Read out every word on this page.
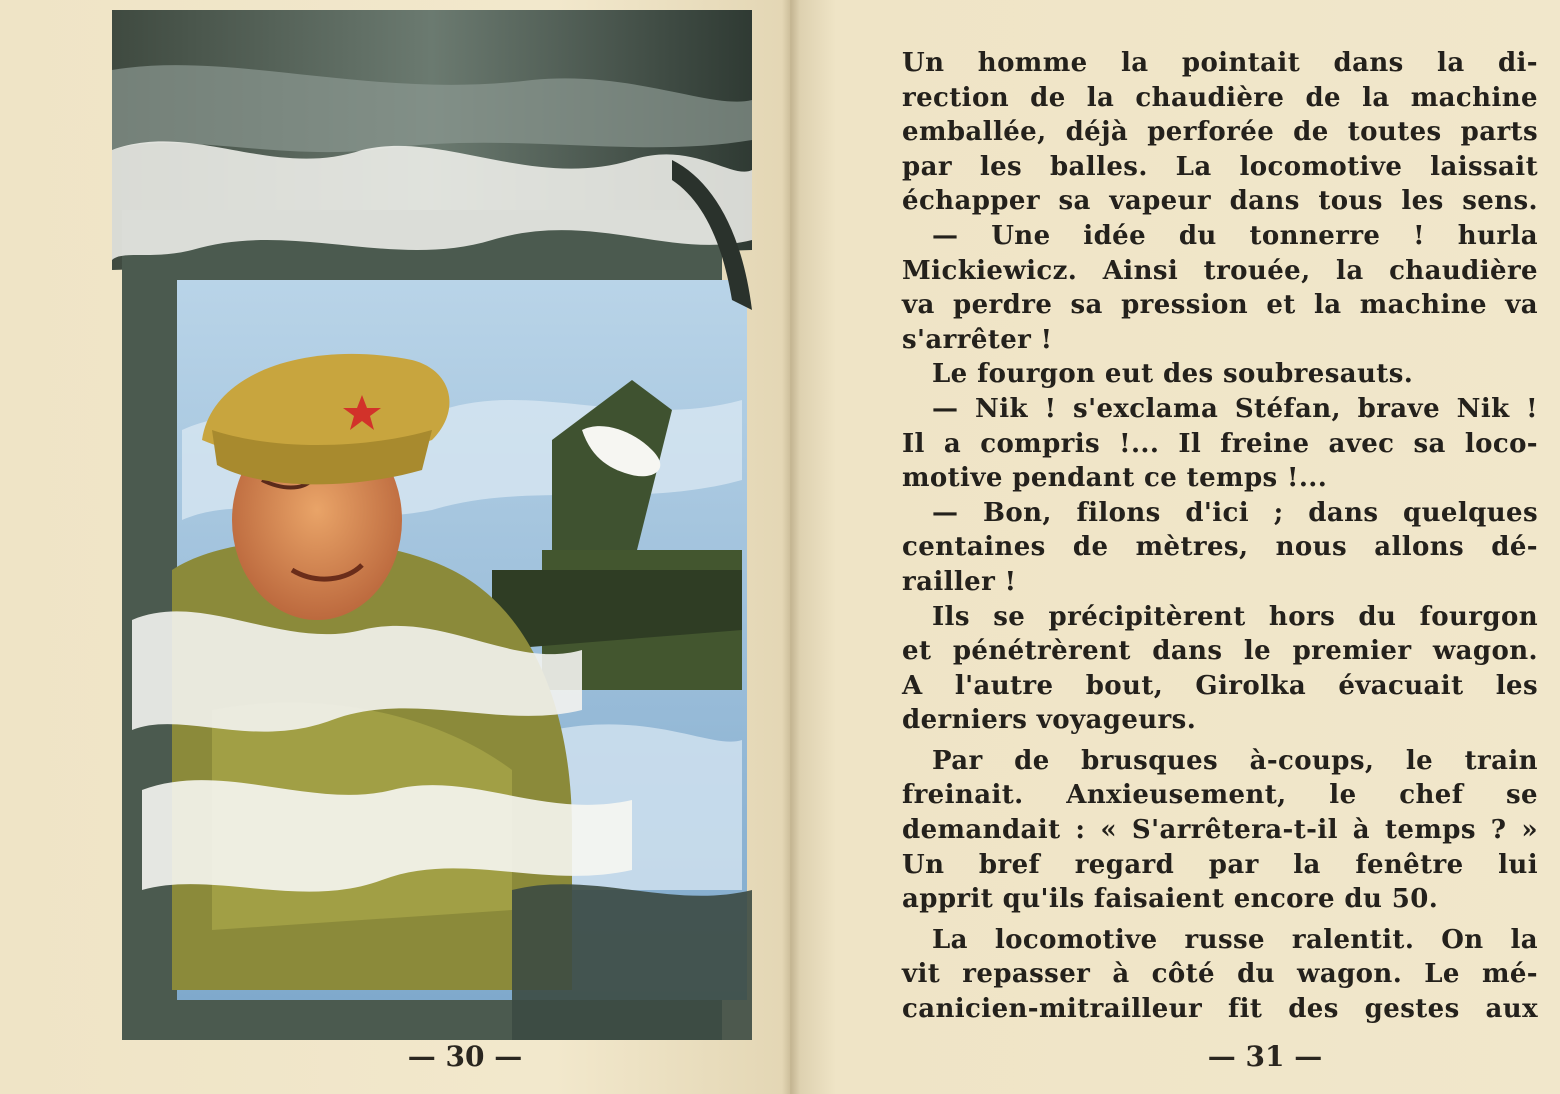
— 30 —
Un homme la pointait dans la di-
rection de la chaudière de la machine
emballée, déjà perforée de toutes parts
par les balles. La locomotive laissait
échapper sa vapeur dans tous les sens.
— Une idée du tonnerre ! hurla
Mickiewicz. Ainsi trouée, la chaudière
va perdre sa pression et la machine va
s'arrêter !
Le fourgon eut des soubresauts.
— Nik ! s'exclama Stéfan, brave Nik !
Il a compris !... Il freine avec sa loco-
motive pendant ce temps !...
— Bon, filons d'ici ; dans quelques
centaines de mètres, nous allons dé-
railler !
Ils se précipitèrent hors du fourgon
et pénétrèrent dans le premier wagon.
A l'autre bout, Girolka évacuait les
derniers voyageurs.
Par de brusques à-coups, le train
freinait. Anxieusement, le chef se
demandait : « S'arrêtera-t-il à temps ? »
Un bref regard par la fenêtre lui
apprit qu'ils faisaient encore du 50.
La locomotive russe ralentit. On la
vit repasser à côté du wagon. Le mé-
canicien-mitrailleur fit des gestes aux
— 31 —
